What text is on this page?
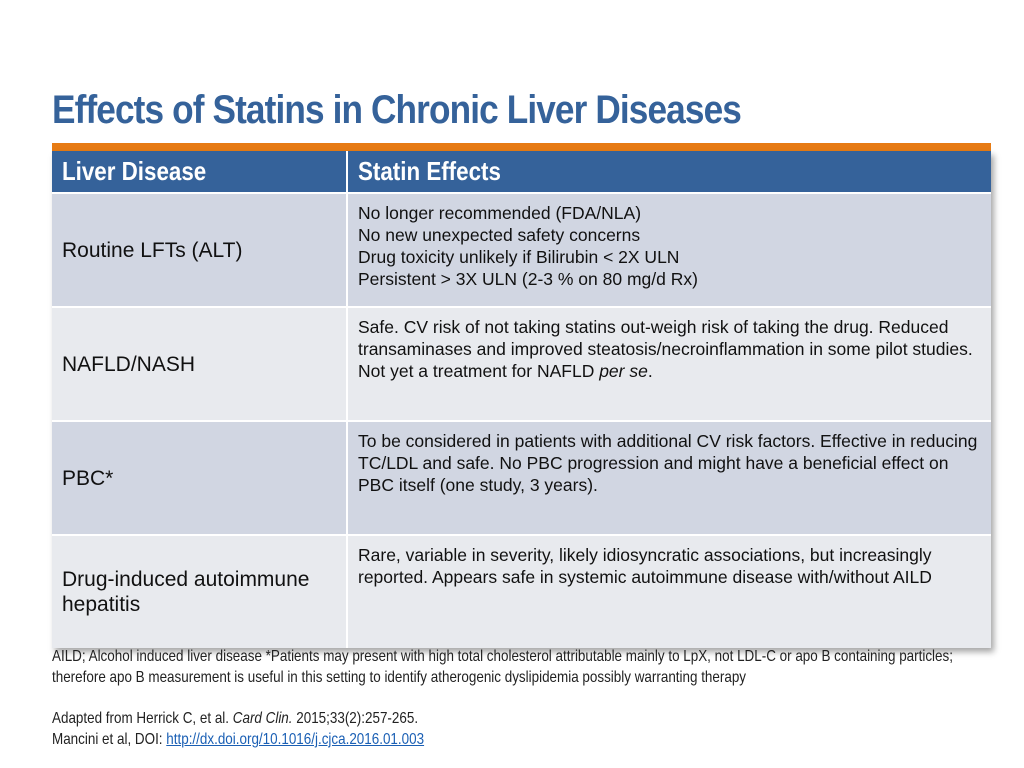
Effects of Statins in Chronic Liver Diseases
Liver Disease	Statin Effects
Routine LFTs (ALT)	No longer recommended (FDA/NLA)
No new unexpected safety concerns
Drug toxicity unlikely if Bilirubin < 2X ULN
Persistent > 3X ULN (2-3 % on 80 mg/d Rx)

NAFLD/NASH	Safe. CV risk of not taking statins out-weigh risk of taking the drug. Reduced transaminases and improved steatosis/necroinflammation in some pilot studies. Not yet a treatment for NAFLD per se.
PBC*	To be considered in patients with additional CV risk factors. Effective in reducing TC/LDL and safe. No PBC progression and might have a beneficial effect on PBC itself (one study, 3 years).
Drug-induced autoimmune hepatitis	Rare, variable in severity, likely idiosyncratic associations, but increasingly reported. Appears safe in systemic autoimmune disease with/without AILD
AILD; Alcohol induced liver disease *Patients may present with high total cholesterol attributable mainly to LpX, not LDL-C or apo B containing particles; therefore apo B measurement is useful in this setting to identify atherogenic dyslipidemia possibly warranting therapy
Adapted from Herrick C, et al. Card Clin. 2015;33(2):257-265.
Mancini et al, DOI: http://dx.doi.org/10.1016/j.cjca.2016.01.003
